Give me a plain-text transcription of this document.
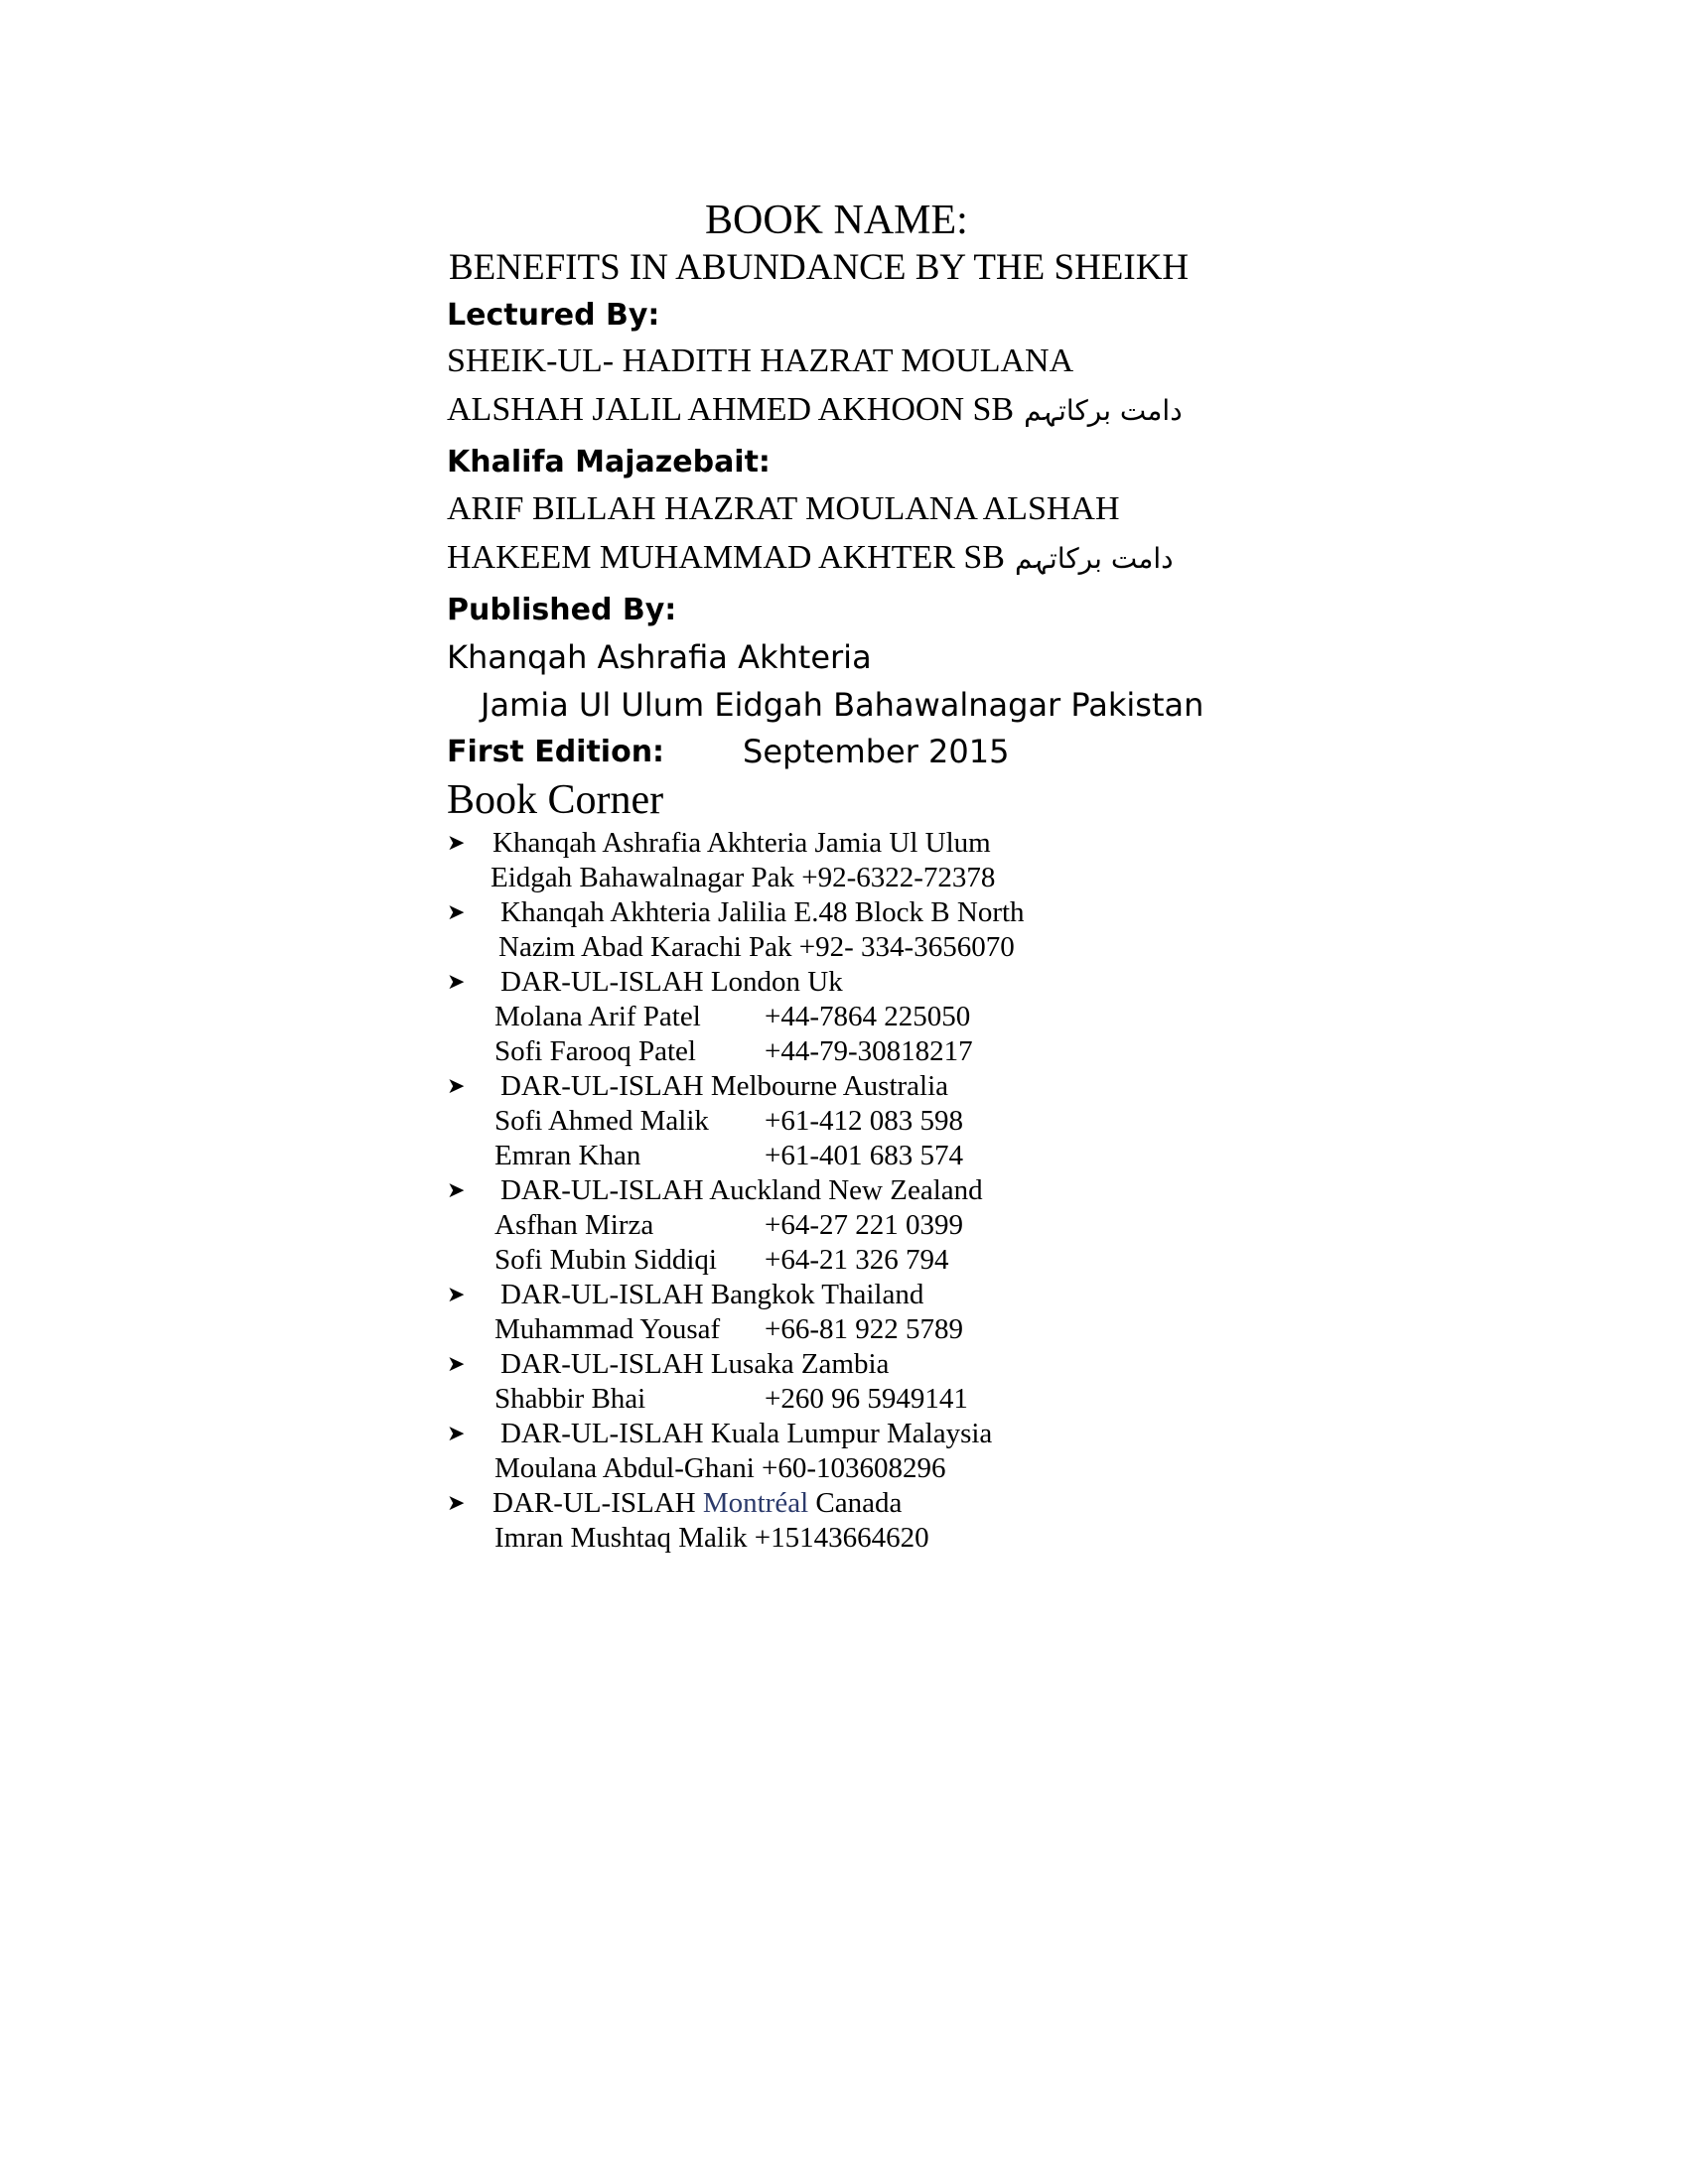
BOOK NAME:
BENEFITS IN ABUNDANCE BY THE SHEIKH
Lectured By:
SHEIK-UL- HADITH HAZRAT MOULANA
ALSHAH JALIL AHMED AKHOON SB دامت برکاتہم
Khalifa Majazebait:
ARIF BILLAH HAZRAT MOULANA ALSHAH
HAKEEM MUHAMMAD AKHTER SB دامت برکاتہم
Published By:
Khanqah Ashrafia Akhteria
Jamia Ul Ulum Eidgah Bahawalnagar Pakistan
First Edition: September 2015
Book Corner
➤ Khanqah Ashrafia Akhteria Jamia Ul Ulum
Eidgah Bahawalnagar Pak +92-6322-72378
➤ Khanqah Akhteria Jalilia E.48 Block B North
Nazim Abad Karachi Pak +92- 334-3656070
➤ DAR-UL-ISLAH London Uk
Molana Arif Patel +44-7864 225050
Sofi Farooq Patel +44-79-30818217
➤ DAR-UL-ISLAH Melbourne Australia
Sofi Ahmed Malik +61-412 083 598
Emran Khan	+61-401 683 574
➤ DAR-UL-ISLAH Auckland New Zealand
Asfhan Mirza	+64-27 221 0399
Sofi Mubin Siddiqi +64-21 326 794
➤ DAR-UL-ISLAH Bangkok Thailand
Muhammad Yousaf +66-81 922 5789
➤ DAR-UL-ISLAH Lusaka Zambia
Shabbir Bhai	+260 96 5949141
➤ DAR-UL-ISLAH Kuala Lumpur Malaysia
Moulana Abdul-Ghani +60-103608296
➤ DAR-UL-ISLAH Montréal Canada
Imran Mushtaq Malik +15143664620
